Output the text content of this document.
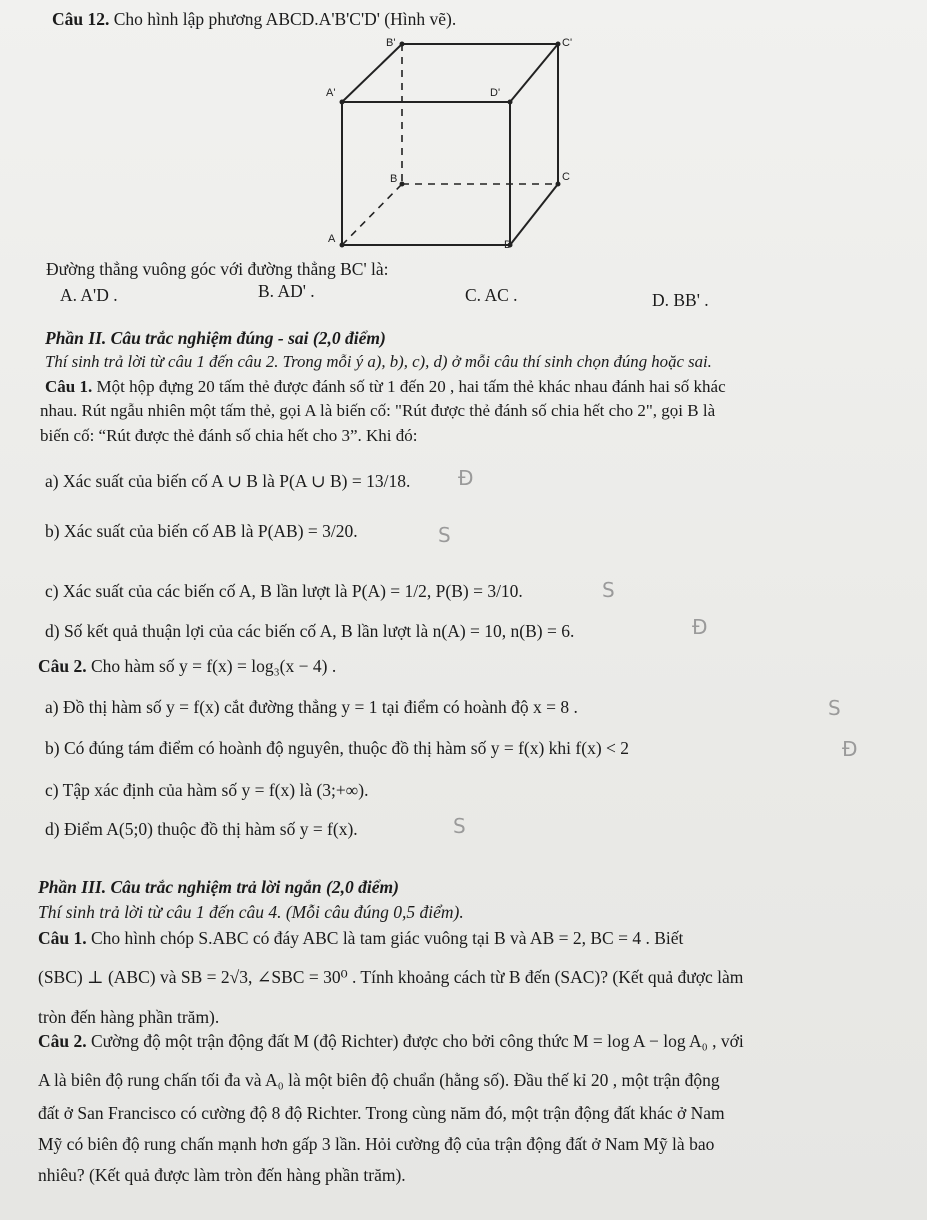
Câu 12. Cho hình lập phương ABCD.A'B'C'D' (Hình vẽ).
B'	C'
A'	D'
B	C
A	D
Đường thẳng vuông góc với đường thẳng BC' là:
A. A'D .	B. AD' .	C. AC .	D. BB' .
Phần II. Câu trắc nghiệm đúng - sai (2,0 điểm)
Thí sinh trả lời từ câu 1 đến câu 2. Trong mỗi ý a), b), c), d) ở mỗi câu thí sinh chọn đúng hoặc sai.
Câu 1. Một hộp đựng 20 tấm thẻ được đánh số từ 1 đến 20 , hai tấm thẻ khác nhau đánh hai số khác
nhau. Rút ngẫu nhiên một tấm thẻ, gọi A là biến cố: "Rút được thẻ đánh số chia hết cho 2", gọi B là
biến cố: “Rút được thẻ đánh số chia hết cho 3”. Khi đó:
a) Xác suất của biến cố A ∪ B là P(A ∪ B) = 13/18.
b) Xác suất của biến cố AB là P(AB) = 3/20.
c) Xác suất của các biến cố A, B lần lượt là P(A) = 1/2, P(B) = 3/10.
d) Số kết quả thuận lợi của các biến cố A, B lần lượt là n(A) = 10, n(B) = 6.
Câu 2. Cho hàm số y = f(x) = log₃(x − 4) .
a) Đồ thị hàm số y = f(x) cắt đường thẳng y = 1 tại điểm có hoành độ x = 8 .
b) Có đúng tám điểm có hoành độ nguyên, thuộc đồ thị hàm số y = f(x) khi f(x) < 2
c) Tập xác định của hàm số y = f(x) là (3;+∞).
d) Điểm A(5;0) thuộc đồ thị hàm số y = f(x).
Đ
S
S
Đ
S
Đ
S
Phần III. Câu trắc nghiệm trả lời ngắn (2,0 điểm)
Thí sinh trả lời từ câu 1 đến câu 4. (Mỗi câu đúng 0,5 điểm).
Câu 1. Cho hình chóp S.ABC có đáy ABC là tam giác vuông tại B và AB = 2, BC = 4 . Biết
(SBC) ⊥ (ABC) và SB = 2√3, ∠SBC = 30⁰ . Tính khoảng cách từ B đến (SAC)? (Kết quả được làm
tròn đến hàng phần trăm).
Câu 2. Cường độ một trận động đất M (độ Richter) được cho bởi công thức M = log A − log A₀ , với
A là biên độ rung chấn tối đa và A₀ là một biên độ chuẩn (hằng số). Đầu thế kỉ 20 , một trận động
đất ở San Francisco có cường độ 8 độ Richter. Trong cùng năm đó, một trận động đất khác ở Nam
Mỹ có biên độ rung chấn mạnh hơn gấp 3 lần. Hỏi cường độ của trận động đất ở Nam Mỹ là bao
nhiêu? (Kết quả được làm tròn đến hàng phần trăm).
